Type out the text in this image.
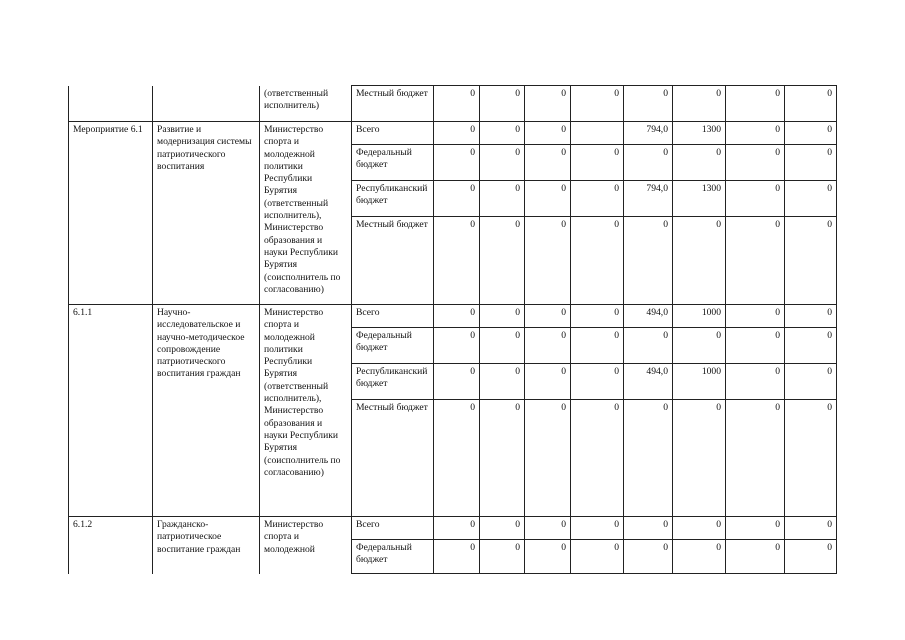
		(ответственный исполнитель)	Местный бюджет	0	0	0	0	0	0	0	0
Мероприятие 6.1	Развитие и модернизация системы патриотического воспитания	Министерство спорта и молодежной политики Республики Бурятия (ответственный исполнитель), Министерство образования и науки Республики Бурятия (соисполнитель по согласованию)	Всего	0	0	0		794,0	1300	0	0
			Федеральный бюджет	0	0	0	0	0	0	0	0
			Республиканский бюджет	0	0	0	0	794,0	1300	0	0
			Местный бюджет	0	0	0	0	0	0	0	0
6.1.1	Научно-исследовательское и научно-методическое сопровождение патриотического воспитания граждан	Министерство спорта и молодежной политики Республики Бурятия (ответственный исполнитель), Министерство образования и науки Республики Бурятия (соисполнитель по согласованию)	Всего	0	0	0	0	494,0	1000	0	0
			Федеральный бюджет	0	0	0	0	0	0	0	0
			Республиканский бюджет	0	0	0	0	494,0	1000	0	0
			Местный бюджет	0	0	0	0	0	0	0	0
6.1.2	Гражданско-патриотическое воспитание граждан	Министерство спорта и молодежной	Всего	0	0	0	0	0	0	0	0
			Федеральный бюджет	0	0	0	0	0	0	0	0
